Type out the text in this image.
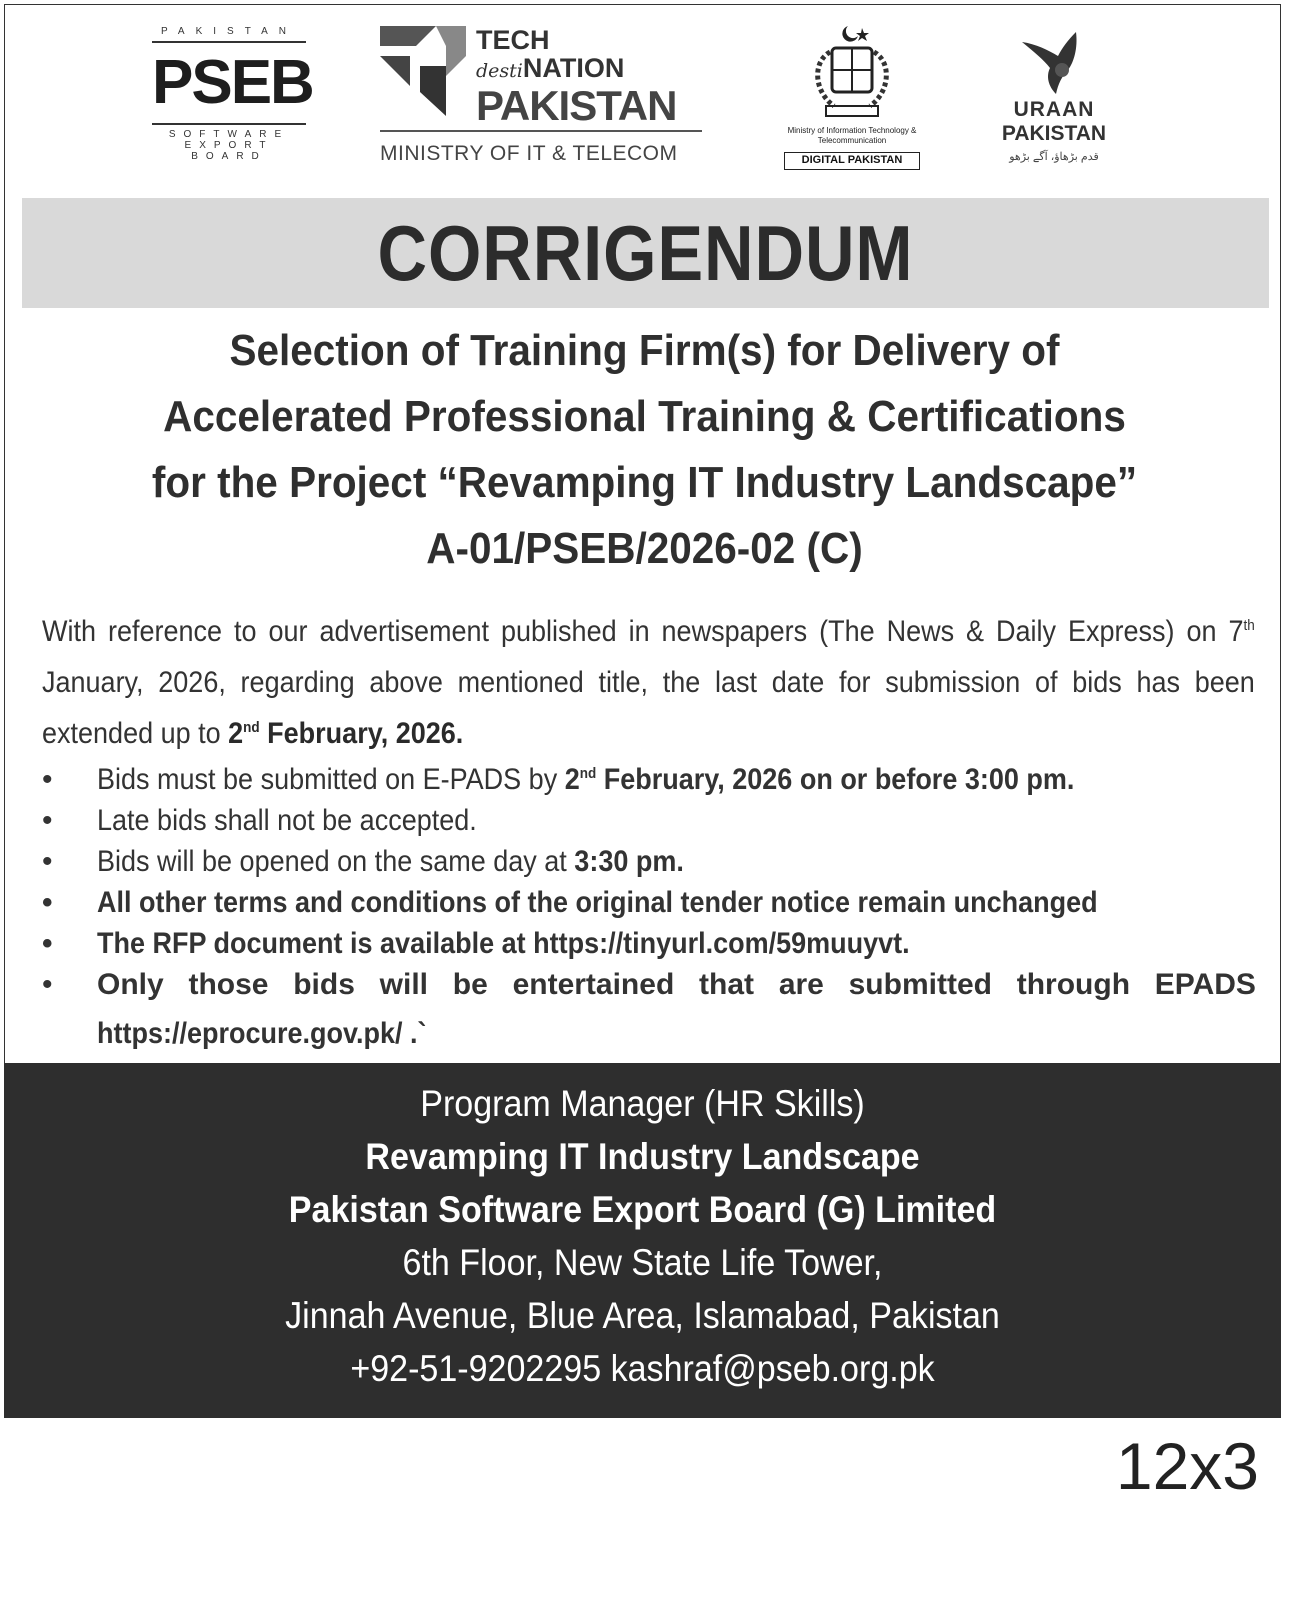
PAKISTAN
PSEB
SOFTWARE
EXPORT BOARD
TECH
destiNATION
PAKISTAN
MINISTRY OF IT & TELECOM
Ministry of Information Technology & Telecommunication
DIGITAL PAKISTAN
URAAN
PAKISTAN
قدم بڑھاؤ، آگے بڑھو
CORRIGENDUM
Selection of Training Firm(s) for Delivery of
Accelerated Professional Training & Certifications
for the Project “Revamping IT Industry Landscape”
A-01/PSEB/2026-02 (C)
With reference to our advertisement published in newspapers (The News & Daily Express) on 7th January, 2026, regarding above mentioned title, the last date for submission of bids has been extended up to 2nd February, 2026.
• Bids must be submitted on E-PADS by 2nd February, 2026 on or before 3:00 pm.
• Late bids shall not be accepted.
• Bids will be opened on the same day at 3:30 pm.
• All other terms and conditions of the original tender notice remain unchanged
• The RFP document is available at https://tinyurl.com/59muuyvt.
• Only those bids will be entertained that are submitted through EPADS
https://eprocure.gov.pk/ .`
Program Manager (HR Skills)
Revamping IT Industry Landscape
Pakistan Software Export Board (G) Limited
6th Floor, New State Life Tower,
Jinnah Avenue, Blue Area, Islamabad, Pakistan
+92-51-9202295 kashraf@pseb.org.pk
12x3
